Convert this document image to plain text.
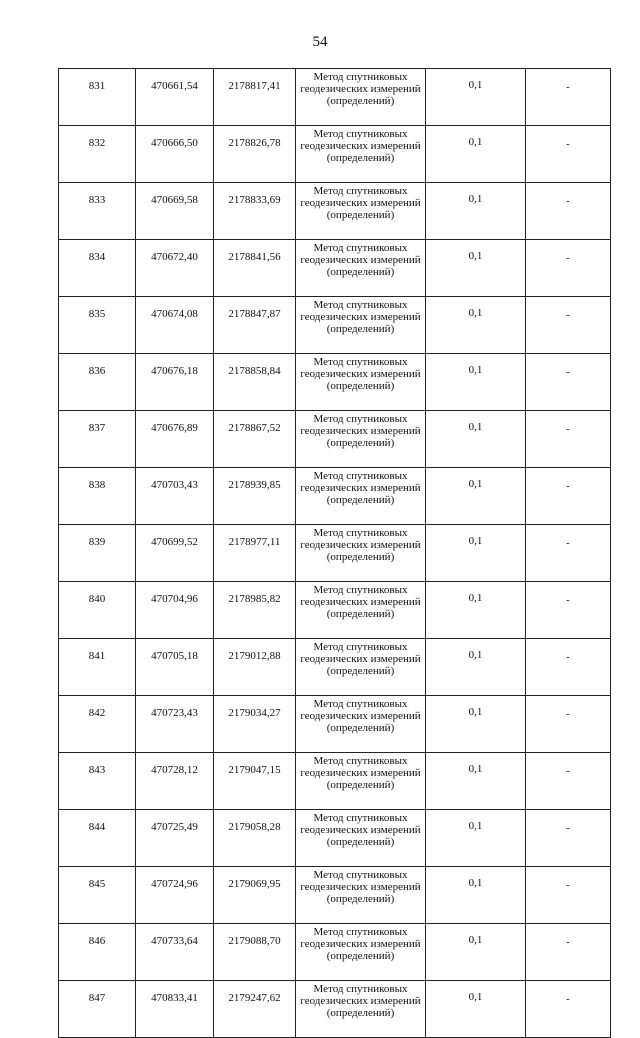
54
831	470661,54	2178817,41	Метод спутниковых
геодезических измерений
(определений)	0,1	-
832	470666,50	2178826,78	Метод спутниковых
геодезических измерений
(определений)	0,1	-
833	470669,58	2178833,69	Метод спутниковых
геодезических измерений
(определений)	0,1	-
834	470672,40	2178841,56	Метод спутниковых
геодезических измерений
(определений)	0,1	-
835	470674,08	2178847,87	Метод спутниковых
геодезических измерений
(определений)	0,1	-
836	470676,18	2178858,84	Метод спутниковых
геодезических измерений
(определений)	0,1	-
837	470676,89	2178867,52	Метод спутниковых
геодезических измерений
(определений)	0,1	-
838	470703,43	2178939,85	Метод спутниковых
геодезических измерений
(определений)	0,1	-
839	470699,52	2178977,11	Метод спутниковых
геодезических измерений
(определений)	0,1	-
840	470704,96	2178985,82	Метод спутниковых
геодезических измерений
(определений)	0,1	-
841	470705,18	2179012,88	Метод спутниковых
геодезических измерений
(определений)	0,1	-
842	470723,43	2179034,27	Метод спутниковых
геодезических измерений
(определений)	0,1	-
843	470728,12	2179047,15	Метод спутниковых
геодезических измерений
(определений)	0,1	-
844	470725,49	2179058,28	Метод спутниковых
геодезических измерений
(определений)	0,1	-
845	470724,96	2179069,95	Метод спутниковых
геодезических измерений
(определений)	0,1	-
846	470733,64	2179088,70	Метод спутниковых
геодезических измерений
(определений)	0,1	-
847	470833,41	2179247,62	Метод спутниковых
геодезических измерений
(определений)	0,1	-
